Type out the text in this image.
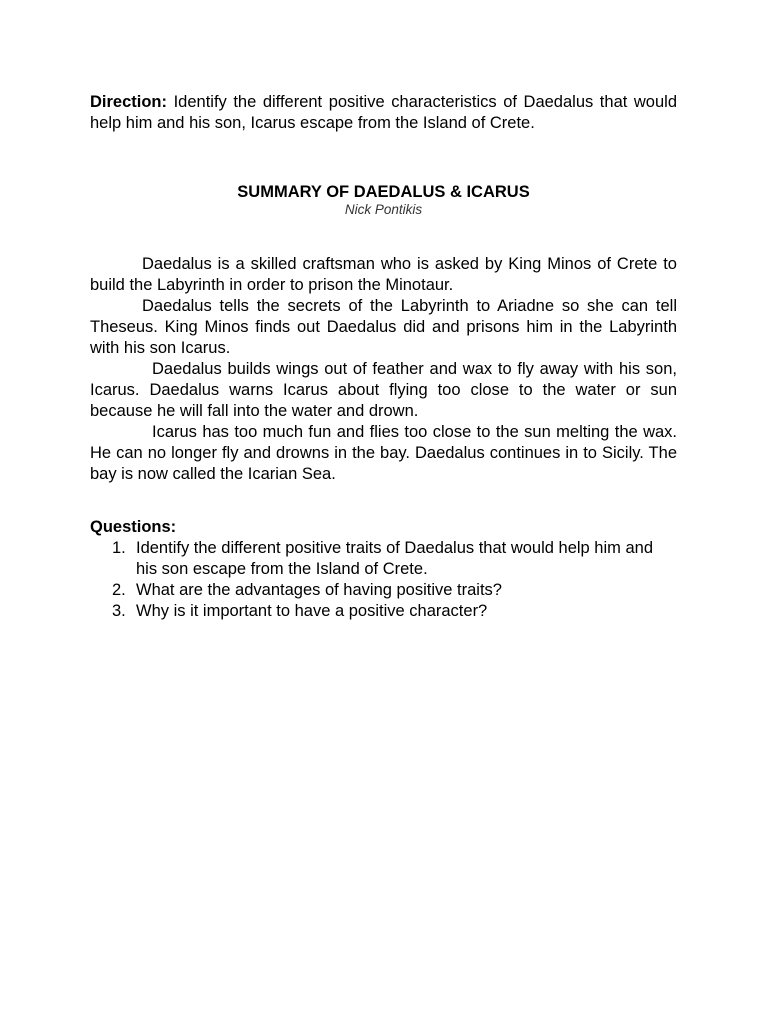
Direction: Identify the different positive characteristics of Daedalus that would help him and his son, Icarus escape from the Island of Crete.

SUMMARY OF DAEDALUS & ICARUS

Nick Pontikis

Daedalus is a skilled craftsman who is asked by King Minos of Crete to build the Labyrinth in order to prison the Minotaur.

Daedalus tells the secrets of the Labyrinth to Ariadne so she can tell Theseus. King Minos finds out Daedalus did and prisons him in the Labyrinth with his son Icarus.

Daedalus builds wings out of feather and wax to fly away with his son, Icarus. Daedalus warns Icarus about flying too close to the water or sun because he will fall into the water and drown.

Icarus has too much fun and flies too close to the sun melting the wax. He can no longer fly and drowns in the bay. Daedalus continues in to Sicily. The bay is now called the Icarian Sea.

Questions:

1. Identify the different positive traits of Daedalus that would help him and his son escape from the Island of Crete.
2. What are the advantages of having positive traits?
3. Why is it important to have a positive character?
